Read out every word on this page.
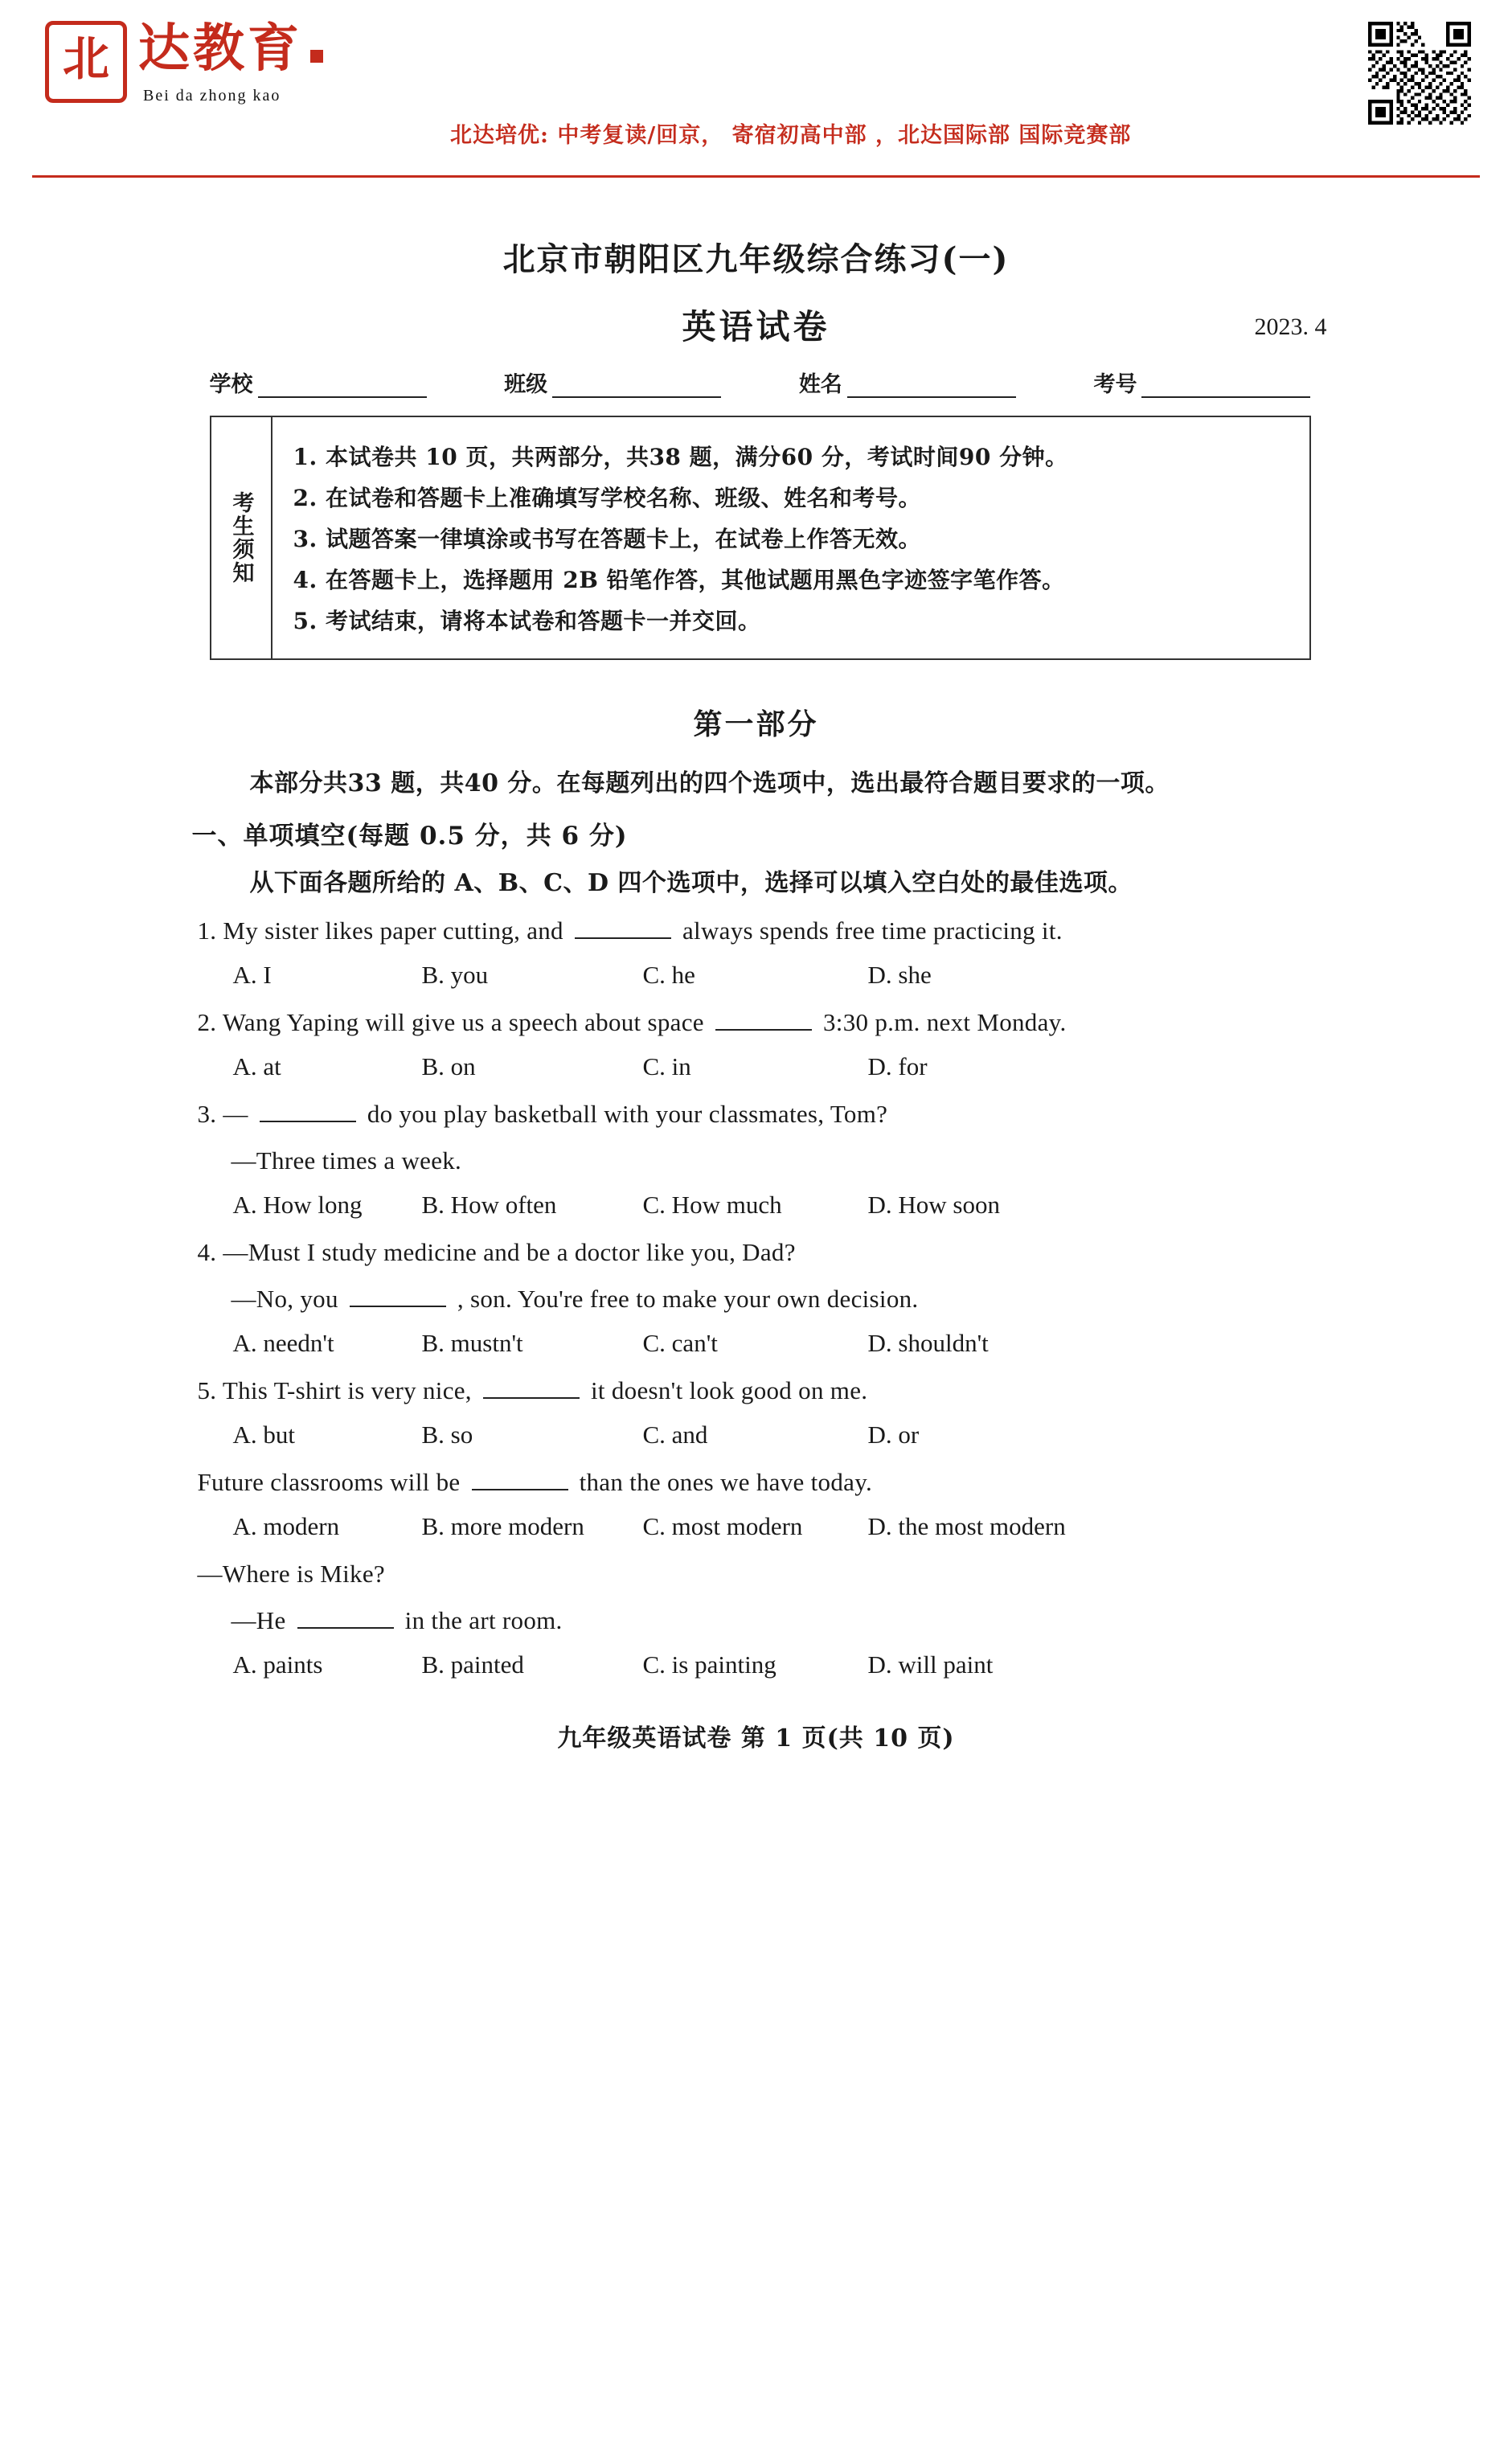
北 达教育
Bei da zhong kao
北达培优: 中考复读/回京， 寄宿初高中部 ，北达国际部 国际竞赛部
北京市朝阳区九年级综合练习(一)
英语试卷	2023. 4
学校	班级	姓名	考号
考生须知
1. 本试卷共 10 页，共两部分，共38 题，满分60 分，考试时间90 分钟。
2. 在试卷和答题卡上准确填写学校名称、班级、姓名和考号。
3. 试题答案一律填涂或书写在答题卡上，在试卷上作答无效。
4. 在答题卡上，选择题用 2B 铅笔作答，其他试题用黑色字迹签字笔作答。
5. 考试结束，请将本试卷和答题卡一并交回。
第一部分
本部分共33 题，共40 分。在每题列出的四个选项中，选出最符合题目要求的一项。
一、单项填空(每题 0.5 分，共 6 分)
从下面各题所给的 A、B、C、D 四个选项中，选择可以填入空白处的最佳选项。
1. My sister likes paper cutting, and	always spends free time practicing it.
A. I	B. you	C. he	D. she
2. Wang Yaping will give us a speech about space	3:30 p.m. next Monday.
A. at	B. on	C. in	D. for
3. —	do you play basketball with your classmates, Tom?
—Three times a week.
A. How long	B. How often	C. How much	D. How soon
4. —Must I study medicine and be a doctor like you, Dad?
—No, you	, son. You're free to make your own decision.
A. needn't	B. mustn't	C. can't	D. shouldn't
5. This T-shirt is very nice,	it doesn't look good on me.
A. but	B. so	C. and	D. or
Future classrooms will be	than the ones we have today.
A. modern	B. more modern	C. most modern	D. the most modern
—Where is Mike?
—He	in the art room.
A. paints	B. painted	C. is painting	D. will paint
九年级英语试卷 第 1 页(共 10 页)
